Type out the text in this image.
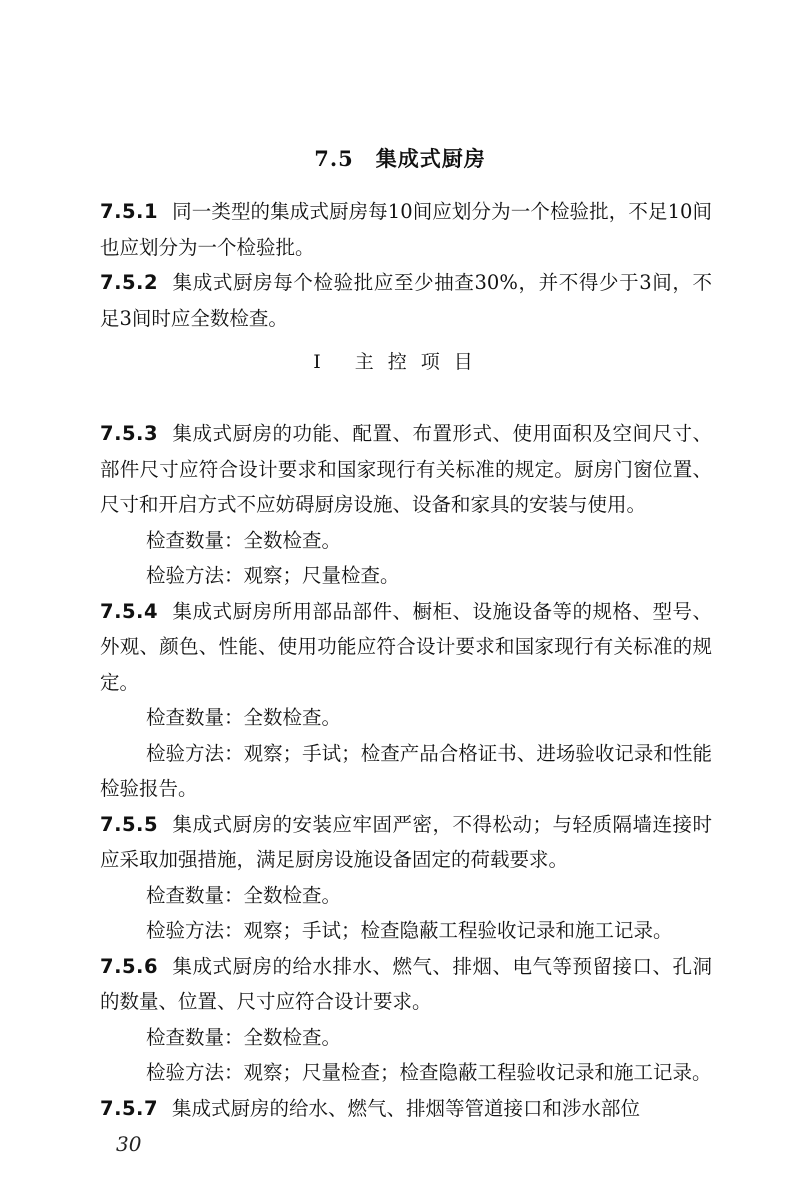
7.5 集成式厨房

7.5.1 同一类型的集成式厨房每10间应划分为一个检验批，不足10间也应划分为一个检验批。

7.5.2 集成式厨房每个检验批应至少抽查30%，并不得少于3间，不足3间时应全数检查。

7.5.3 集成式厨房的功能、配置、布置形式、使用面积及空间尺寸、部件尺寸应符合设计要求和国家现行有关标准的规定。厨房门窗位置、尺寸和开启方式不应妨碍厨房设施、设备和家具的安装与使用。

检查数量：全数检查。

检验方法：观察；尺量检查。

7.5.4 集成式厨房所用部品部件、橱柜、设施设备等的规格、型号、外观、颜色、性能、使用功能应符合设计要求和国家现行有关标准的规定。

检查数量：全数检查。

检验方法：观察；手试；检查产品合格证书、进场验收记录和性能检验报告。

7.5.5 集成式厨房的安装应牢固严密，不得松动；与轻质隔墙连接时应采取加强措施，满足厨房设施设备固定的荷载要求。

检查数量：全数检查。

检验方法：观察；手试；检查隐蔽工程验收记录和施工记录。

7.5.6 集成式厨房的给水排水、燃气、排烟、电气等预留接口、孔洞的数量、位置、尺寸应符合设计要求。

检查数量：全数检查。

检验方法：观察；尺量检查；检查隐蔽工程验收记录和施工记录。

7.5.7 集成式厨房的给水、燃气、排烟等管道接口和涉水部位

Ⅰ 主控项目
30
